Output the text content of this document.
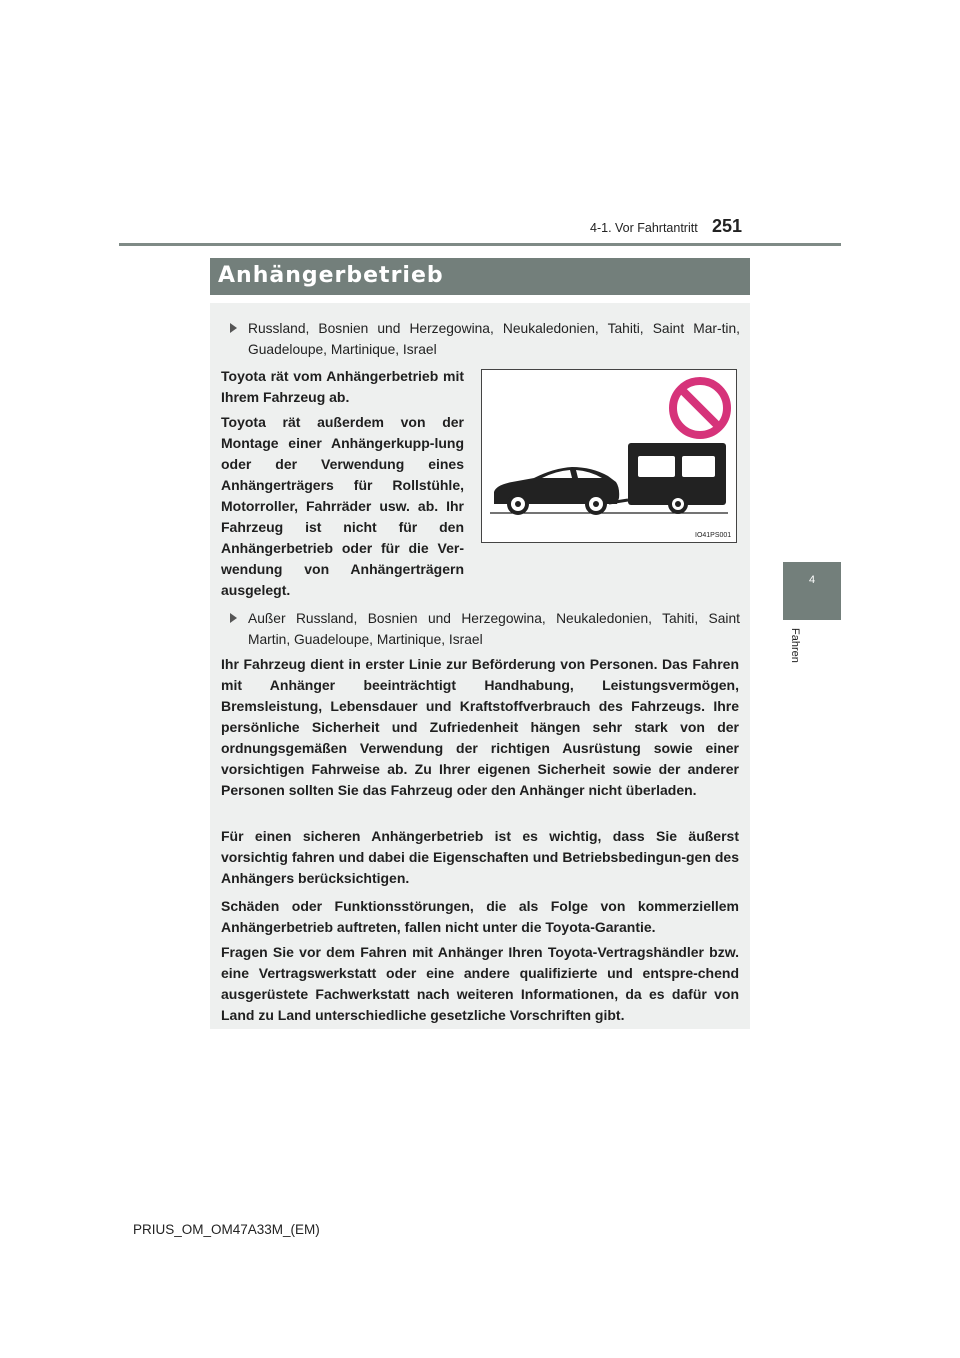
4-1. Vor Fahrtantritt 251
4
Fahren
Anhängerbetrieb
Russland, Bosnien und Herzegowina, Neukaledonien, Tahiti, Saint Mar-tin, Guadeloupe, Martinique, Israel
Toyota rät vom Anhängerbetrieb mit Ihrem Fahrzeug ab.
Toyota rät außerdem von der Montage einer Anhängerkupp-lung oder der Verwendung eines Anhängerträgers für Rollstühle, Motorroller, Fahrräder usw. ab. Ihr Fahrzeug ist nicht für den Anhängerbetrieb oder für die Ver-wendung von Anhängerträgern ausgelegt.
IO41PS001
Außer Russland, Bosnien und Herzegowina, Neukaledonien, Tahiti, Saint Martin, Guadeloupe, Martinique, Israel
Ihr Fahrzeug dient in erster Linie zur Beförderung von Personen. Das Fahren mit Anhänger beeinträchtigt Handhabung, Leistungsvermögen, Bremsleistung, Lebensdauer und Kraftstoffverbrauch des Fahrzeugs. Ihre persönliche Sicherheit und Zufriedenheit hängen sehr stark von der ordnungsgemäßen Verwendung der richtigen Ausrüstung sowie einer vorsichtigen Fahrweise ab. Zu Ihrer eigenen Sicherheit sowie der anderer Personen sollten Sie das Fahrzeug oder den Anhänger nicht überladen.
Für einen sicheren Anhängerbetrieb ist es wichtig, dass Sie äußerst vorsichtig fahren und dabei die Eigenschaften und Betriebsbedingun-gen des Anhängers berücksichtigen.
Schäden oder Funktionsstörungen, die als Folge von kommerziellem Anhängerbetrieb auftreten, fallen nicht unter die Toyota-Garantie.
Fragen Sie vor dem Fahren mit Anhänger Ihren Toyota-Vertragshändler bzw. eine Vertragswerkstatt oder eine andere qualifizierte und entspre-chend ausgerüstete Fachwerkstatt nach weiteren Informationen, da es dafür von Land zu Land unterschiedliche gesetzliche Vorschriften gibt.
PRIUS_OM_OM47A33M_(EM)
